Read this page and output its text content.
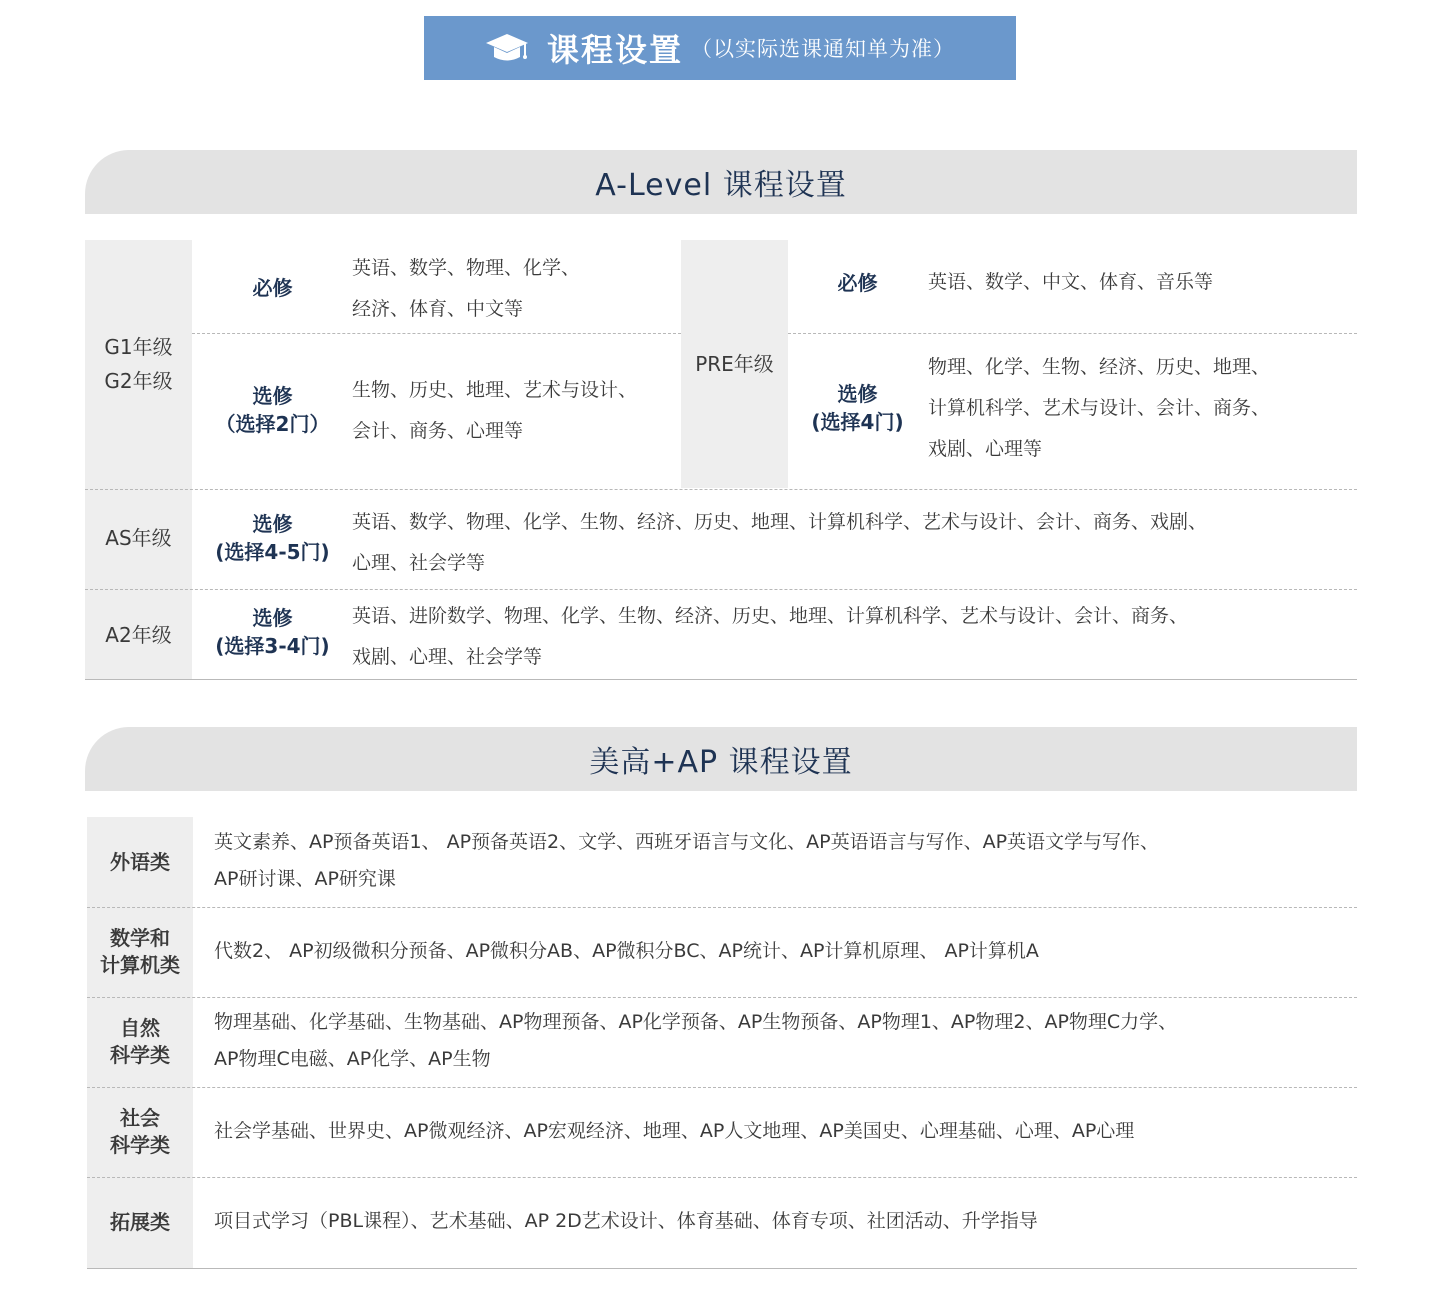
课程设置 （以实际选课通知单为准）
A-Level 课程设置
G1年级
G2年级
必修
英语、数学、物理、化学、
经济、体育、中文等
选修
（选择2门）
生物、历史、地理、艺术与设计、
会计、商务、心理等
PRE年级
必修	英语、数学、中文、体育、音乐等
选修
(选择4门)
物理、化学、生物、经济、历史、地理、
计算机科学、艺术与设计、会计、商务、
戏剧、心理等
AS年级
选修
(选择4-5门)
英语、数学、物理、化学、生物、经济、历史、地理、计算机科学、艺术与设计、会计、商务、戏剧、
心理、社会学等
A2年级
选修
(选择3-4门)
英语、进阶数学、物理、化学、生物、经济、历史、地理、计算机科学、艺术与设计、会计、商务、
戏剧、心理、社会学等
美高+AP 课程设置
外语类
英文素养、AP预备英语1、 AP预备英语2、文学、西班牙语言与文化、AP英语语言与写作、AP英语文学与写作、
AP研讨课、AP研究课
数学和
计算机类
代数2、 AP初级微积分预备、AP微积分AB、AP微积分BC、AP统计、AP计算机原理、 AP计算机A
自然
科学类
物理基础、化学基础、生物基础、AP物理预备、AP化学预备、AP生物预备、AP物理1、AP物理2、AP物理C力学、
AP物理C电磁、AP化学、AP生物
社会
科学类
社会学基础、世界史、AP微观经济、AP宏观经济、地理、AP人文地理、AP美国史、心理基础、心理、AP心理
拓展类 项目式学习（PBL课程）、艺术基础、AP 2D艺术设计、体育基础、体育专项、社团活动、升学指导
